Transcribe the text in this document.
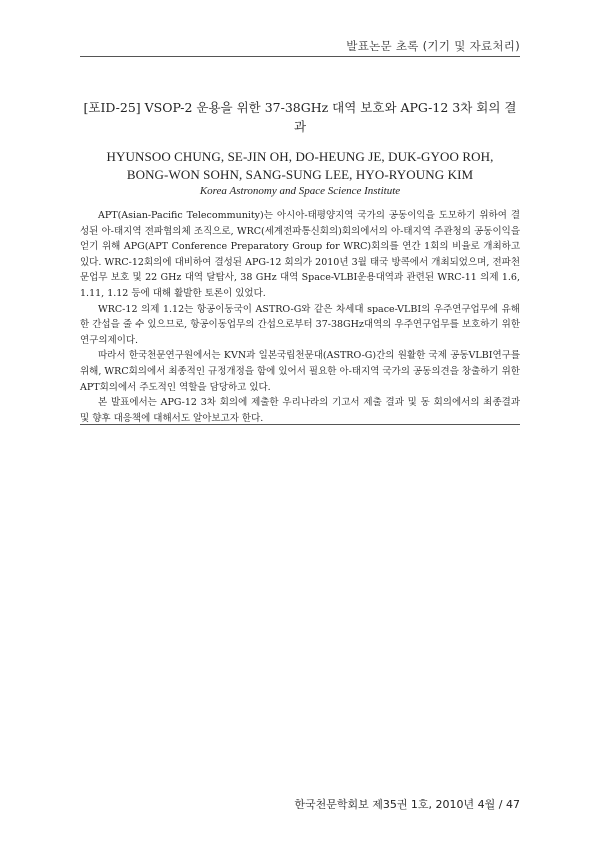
발표논문 초록 (기기 및 자료처리)
[포ID-25] VSOP-2 운용을 위한 37-38GHz 대역 보호와 APG-12 3차 회의 결과
HYUNSOO CHUNG, SE-JIN OH, DO-HEUNG JE, DUK-GYOO ROH,
BONG-WON SOHN, SANG-SUNG LEE, HYO-RYOUNG KIM
Korea Astronomy and Space Science Institute

APT(Asian-Pacific Telecommunity)는 아시아-태평양지역 국가의 공동이익을 도모하기 위하여 결성된 아-태지역 전파협의체 조직으로, WRC(세계전파통신회의)회의에서의 아-태지역 주관청의 공동이익을 얻기 위해 APG(APT Conference Preparatory Group for WRC)회의를 연간 1회의 비율로 개최하고 있다. WRC-12회의에 대비하여 결성된 APG-12 회의가 2010년 3월 태국 방콕에서 개최되었으며, 전파천문업무 보호 및 22 GHz 대역 달탐사, 38 GHz 대역 Space-VLBI운용대역과 관련된 WRC-11 의제 1.6, 1.11, 1.12 등에 대해 활발한 토론이 있었다.

WRC-12 의제 1.12는 항공이동국이 ASTRO-G와 같은 차세대 space-VLBI의 우주연구업무에 유해한 간섭을 줄 수 있으므로, 항공이동업무의 간섭으로부터 37-38GHz대역의 우주연구업무를 보호하기 위한 연구의제이다.

따라서 한국천문연구원에서는 KVN과 일본국립천문대(ASTRO-G)간의 원활한 국제 공동VLBI연구를 위해, WRC회의에서 최종적인 규정개정을 함에 있어서 필요한 아-태지역 국가의 공동의견을 창출하기 위한 APT회의에서 주도적인 역할을 담당하고 있다.

본 발표에서는 APG-12 3차 회의에 제출한 우리나라의 기고서 제출 결과 및 동 회의에서의 최종결과 및 향후 대응책에 대해서도 알아보고자 한다.

한국천문학회보 제35권 1호, 2010년 4월 / 47
